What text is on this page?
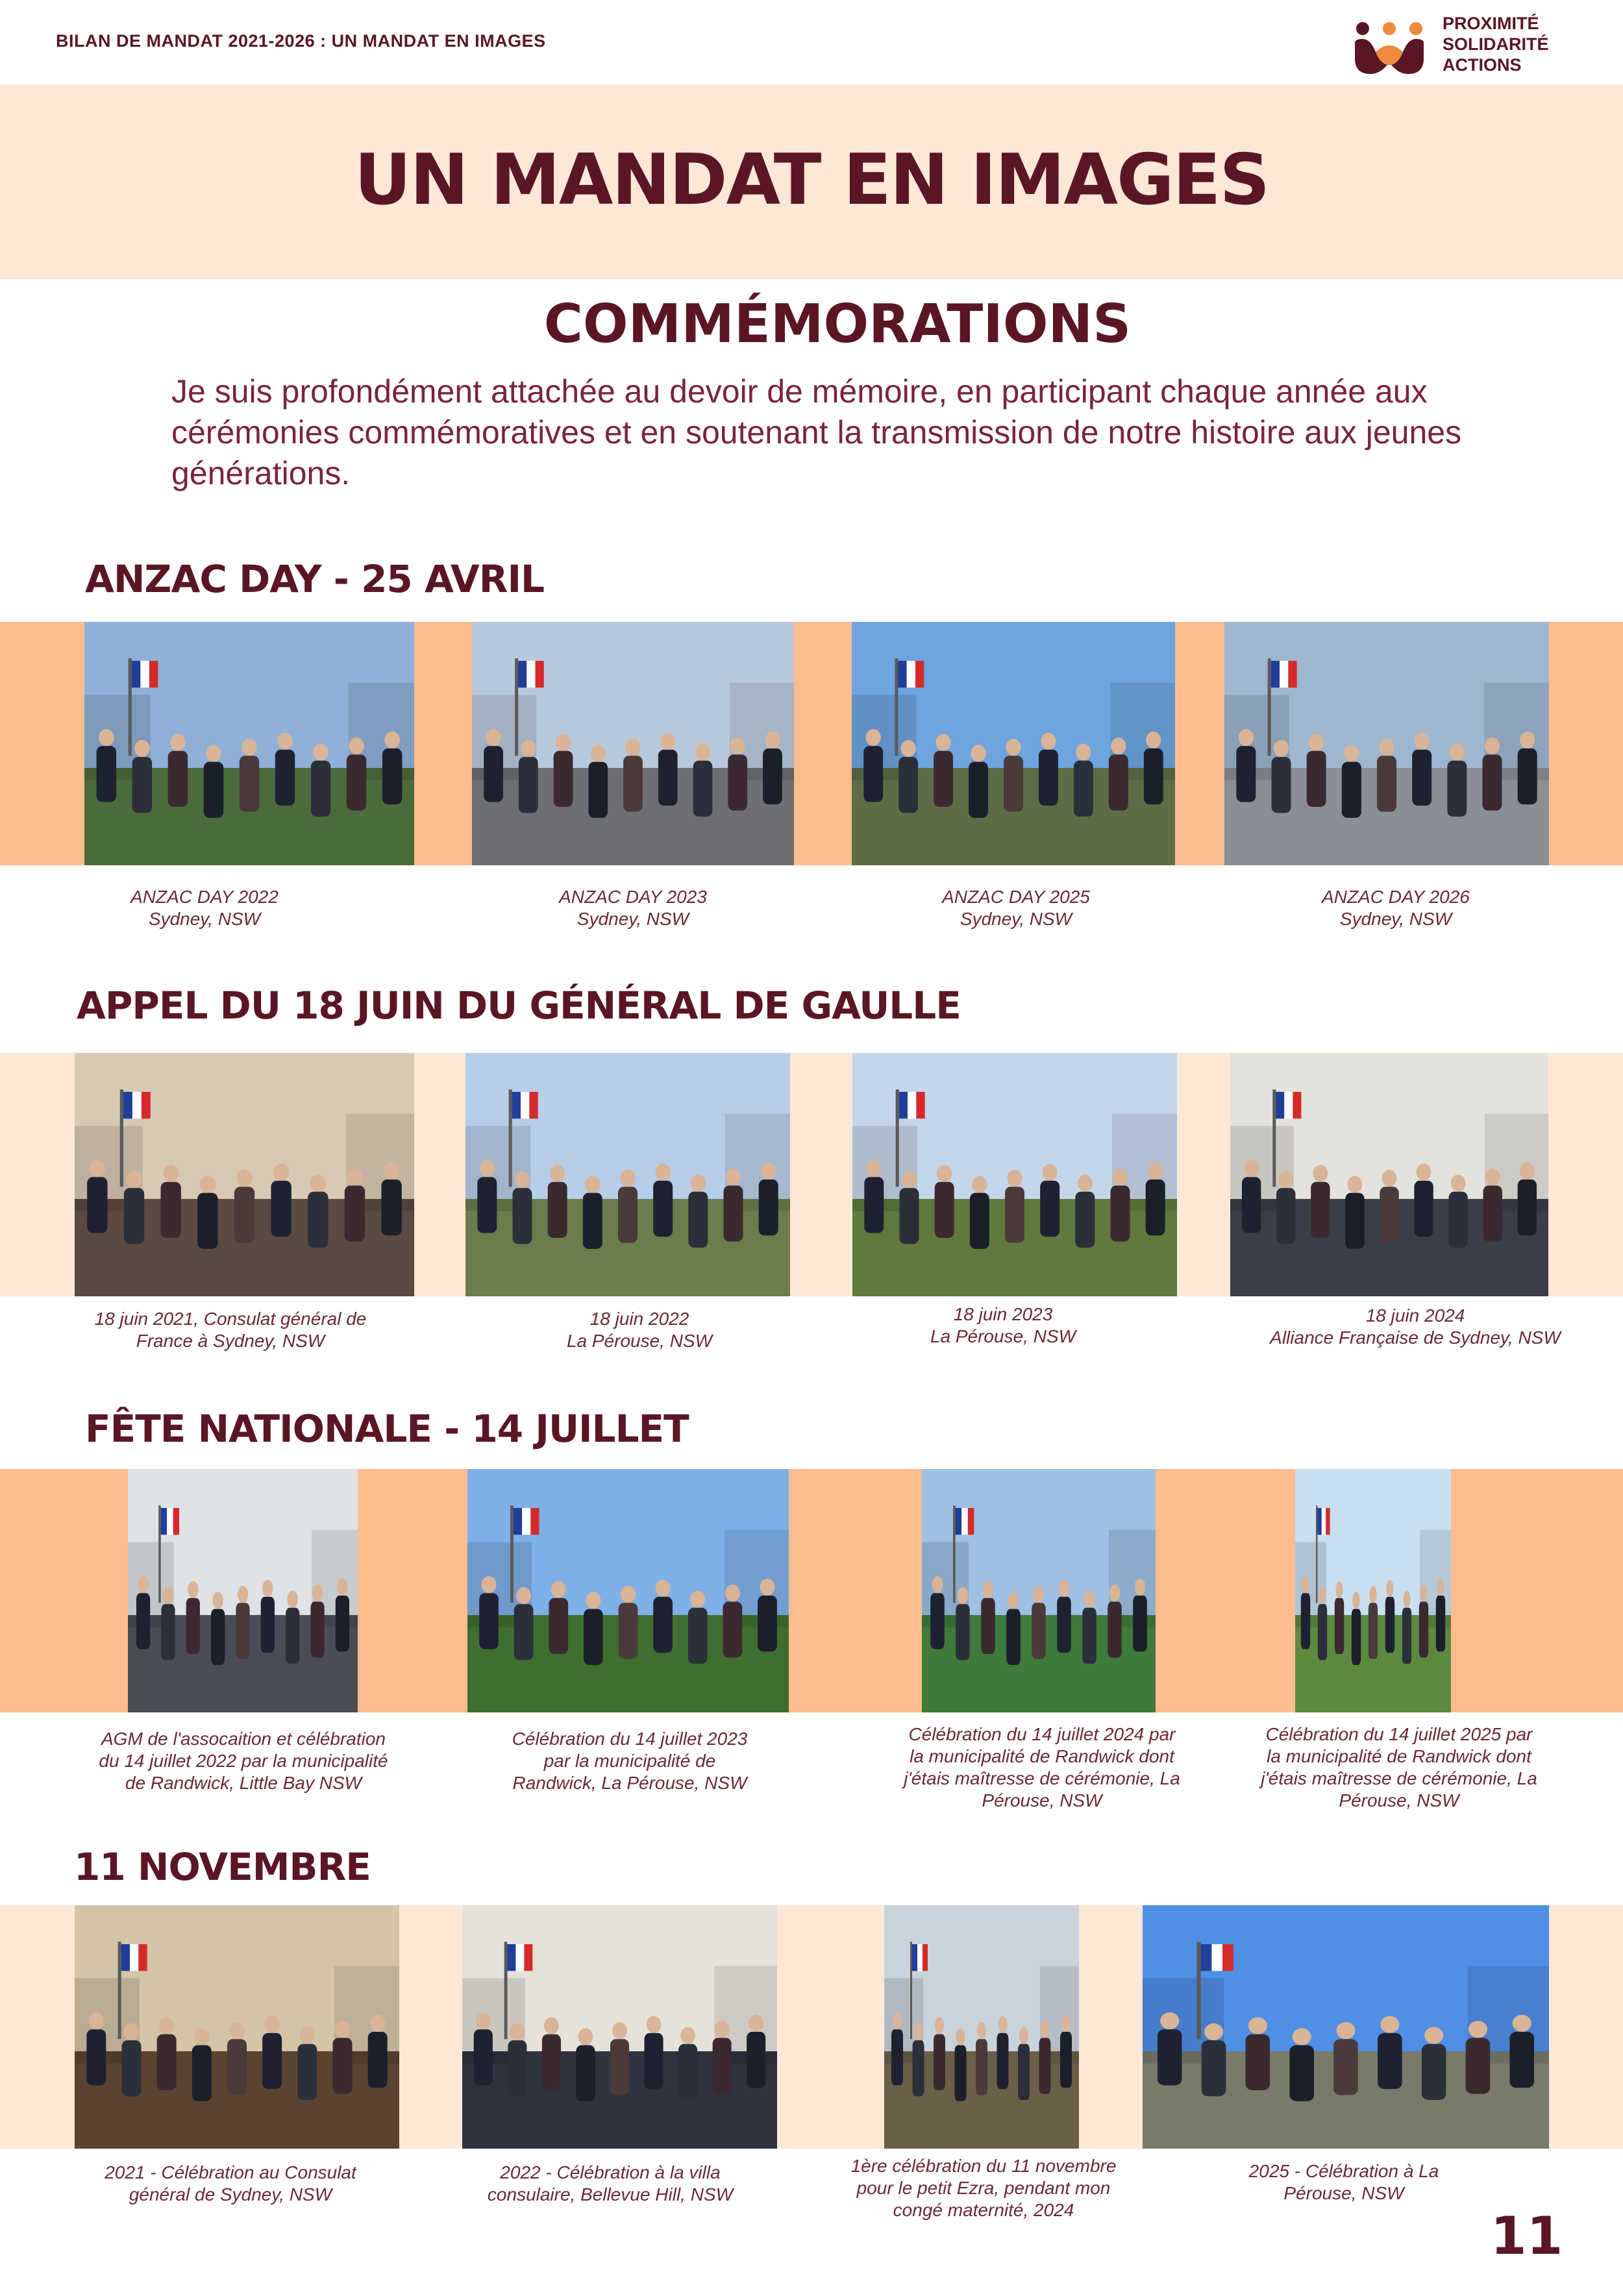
BILAN DE MANDAT 2021-2026 : UN MANDAT EN IMAGES
PROXIMITÉ
SOLIDARITÉ
ACTIONS
UN MANDAT EN IMAGES
COMMÉMORATIONS
Je suis profondément attachée au devoir de mémoire, en participant chaque année aux cérémonies commémoratives et en soutenant la transmission de notre histoire aux jeunes générations.
ANZAC DAY - 25 AVRIL
APPEL DU 18 JUIN DU GÉNÉRAL DE GAULLE
FÊTE NATIONALE - 14 JUILLET
11 NOVEMBRE
ANZAC DAY 2022
Sydney, NSW
ANZAC DAY 2023
Sydney, NSW
ANZAC DAY 2025
Sydney, NSW
ANZAC DAY 2026
Sydney, NSW
18 juin 2021, Consulat général de
France à Sydney, NSW
18 juin 2022
La Pérouse, NSW
18 juin 2023
La Pérouse, NSW
18 juin 2024
Alliance Française de Sydney, NSW
AGM de l'assocaition et célébration
du 14 juillet 2022 par la municipalité
de Randwick, Little Bay NSW
Célébration du 14 juillet 2023
par la municipalité de
Randwick, La Pérouse, NSW
Célébration du 14 juillet 2024 par
la municipalité de Randwick dont
j'étais maîtresse de cérémonie, La
Pérouse, NSW
Célébration du 14 juillet 2025 par
la municipalité de Randwick dont
j'étais maîtresse de cérémonie, La
Pérouse, NSW
2021 - Célébration au Consulat
général de Sydney, NSW
2022 - Célébration à la villa
consulaire, Bellevue Hill, NSW
1ère célébration du 11 novembre
pour le petit Ezra, pendant mon
congé maternité, 2024
2025 - Célébration à La
Pérouse, NSW
11
